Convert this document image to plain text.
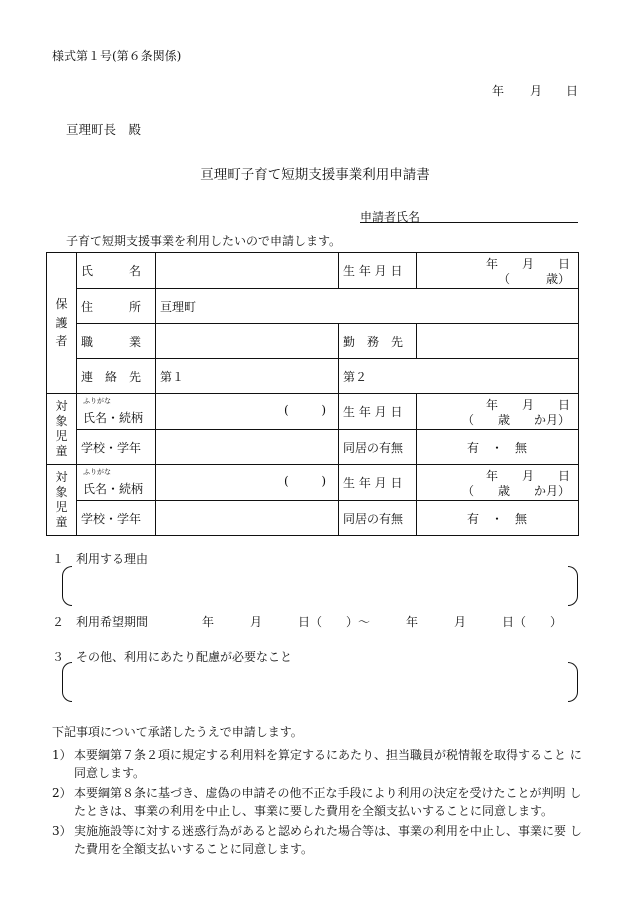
様式第１号(第６条関係)
年 月 日
亘理町長　殿
亘理町子育て短期支援事業利用申請書
申請者氏名
子育て短期支援事業を利用したいので申請します。
保
護
者	氏　　　名		生 年 月 日	年　　月　　日
（　　　歳）

	住　　　所	亘理町		
	職　　　業		勤　務　先	
	連　絡　先	第１	第２	

対
象
児
童	ふりがな
氏名・続柄	( )	生 年 月 日	年　　月　　日
（　　歳　　か月）

	学校・学年		同居の有無	有　・　無

対
象
児
童	ふりがな
氏名・続柄	( )	生 年 月 日	年　　月　　日
（　　歳　　か月）

	学校・学年		同居の有無	有　・　無
１　利用する理由
２　利用希望期間	年　　　月　　　日（　　）～　　　年　　　月　　　日（　　）
３　その他、利用にあたり配慮が必要なこと
下記事項について承諾したうえで申請します。
1） 本要綱第７条２項に規定する利用料を算定するにあたり、担当職員が税情報を取得すること に同意します。
2） 本要綱第８条に基づき、虚偽の申請その他不正な手段により利用の決定を受けたことが判明 したときは、事業の利用を中止し、事業に要した費用を全額支払いすることに同意します。
3） 実施施設等に対する迷惑行為があると認められた場合等は、事業の利用を中止し、事業に要 した費用を全額支払いすることに同意します。
